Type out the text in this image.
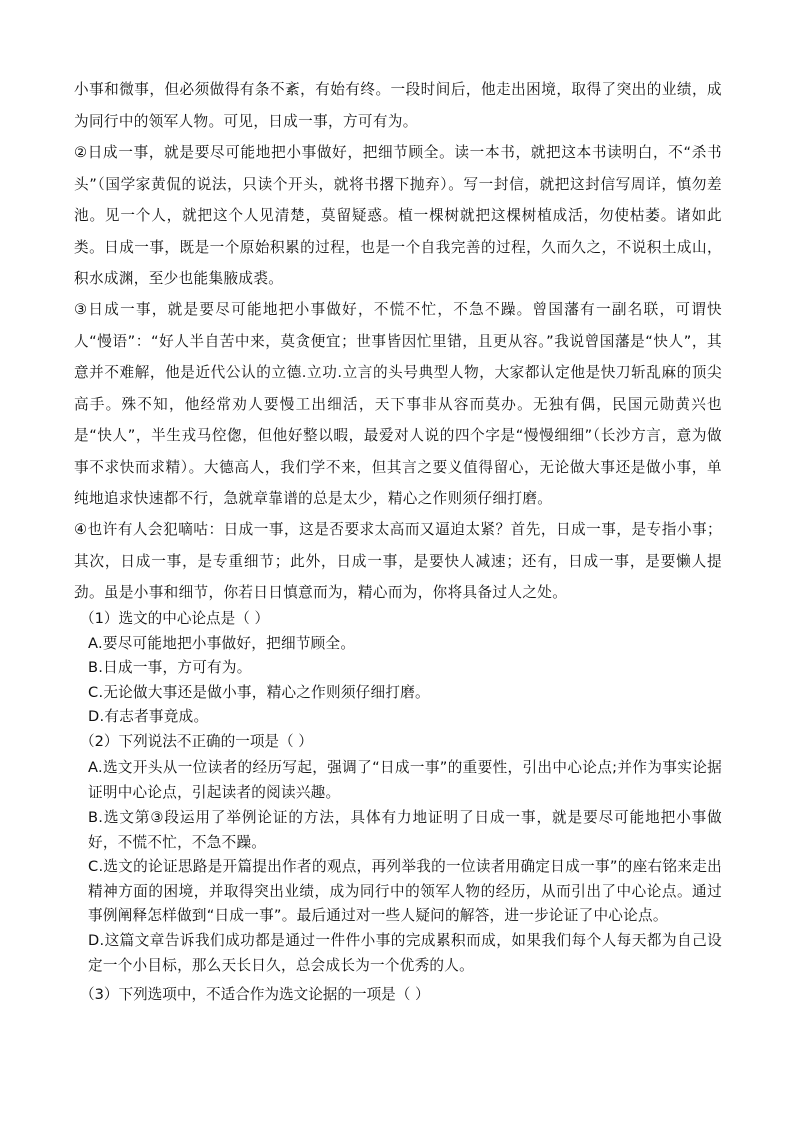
小事和微事，但必须做得有条不紊，有始有终。一段时间后，他走出困境，取得了突出的业绩，成为同行中的领军人物。可见，日成一事，方可有为。

②日成一事，就是要尽可能地把小事做好，把细节顾全。读一本书，就把这本书读明白，不“杀书头”（国学家黄侃的说法，只读个开头，就将书撂下抛弃）。写一封信，就把这封信写周详，慎勿差池。见一个人，就把这个人见清楚，莫留疑惑。植一棵树就把这棵树植成活，勿使枯萎。诸如此类。日成一事，既是一个原始积累的过程，也是一个自我完善的过程，久而久之，不说积土成山，积水成渊，至少也能集腋成裘。

③日成一事，就是要尽可能地把小事做好，不慌不忙，不急不躁。曾国藩有一副名联，可谓快人“慢语”：“好人半自苦中来，莫贪便宜；世事皆因忙里错，且更从容。”我说曾国藩是“快人”，其意并不难解，他是近代公认的立德.立功.立言的头号典型人物，大家都认定他是快刀斩乱麻的顶尖高手。殊不知，他经常劝人要慢工出细活，天下事非从容而莫办。无独有偶，民国元勋黄兴也是“快人”，半生戎马倥偬，但他好整以暇，最爱对人说的四个字是“慢慢细细”（长沙方言，意为做事不求快而求精）。大德高人，我们学不来，但其言之要义值得留心，无论做大事还是做小事，单纯地追求快速都不行，急就章靠谱的总是太少，精心之作则须仔细打磨。

④也许有人会犯嘀咕：日成一事，这是否要求太高而又逼迫太紧？首先，日成一事，是专指小事；其次，日成一事，是专重细节；此外，日成一事，是要快人减速；还有，日成一事，是要懒人提劲。虽是小事和细节，你若日日慎意而为，精心而为，你将具备过人之处。

（1）选文的中心论点是（ ）

A.要尽可能地把小事做好，把细节顾全。

B.日成一事，方可有为。

C.无论做大事还是做小事，精心之作则须仔细打磨。

D.有志者事竟成。

（2）下列说法不正确的一项是（ ）

A.选文开头从一位读者的经历写起，强调了“日成一事”的重要性，引出中心论点;并作为事实论据证明中心论点，引起读者的阅读兴趣。

B.选文第③段运用了举例论证的方法，具体有力地证明了日成一事，就是要尽可能地把小事做好，不慌不忙，不急不躁。

C.选文的论证思路是开篇提出作者的观点，再列举我的一位读者用确定日成一事”的座右铭来走出精神方面的困境，并取得突出业绩，成为同行中的领军人物的经历，从而引出了中心论点。通过事例阐释怎样做到“日成一事”。最后通过对一些人疑问的解答，进一步论证了中心论点。

D.这篇文章告诉我们成功都是通过一件件小事的完成累积而成，如果我们每个人每天都为自己设定一个小目标，那么天长日久，总会成长为一个优秀的人。

（3）下列选项中，不适合作为选文论据的一项是（ ）
